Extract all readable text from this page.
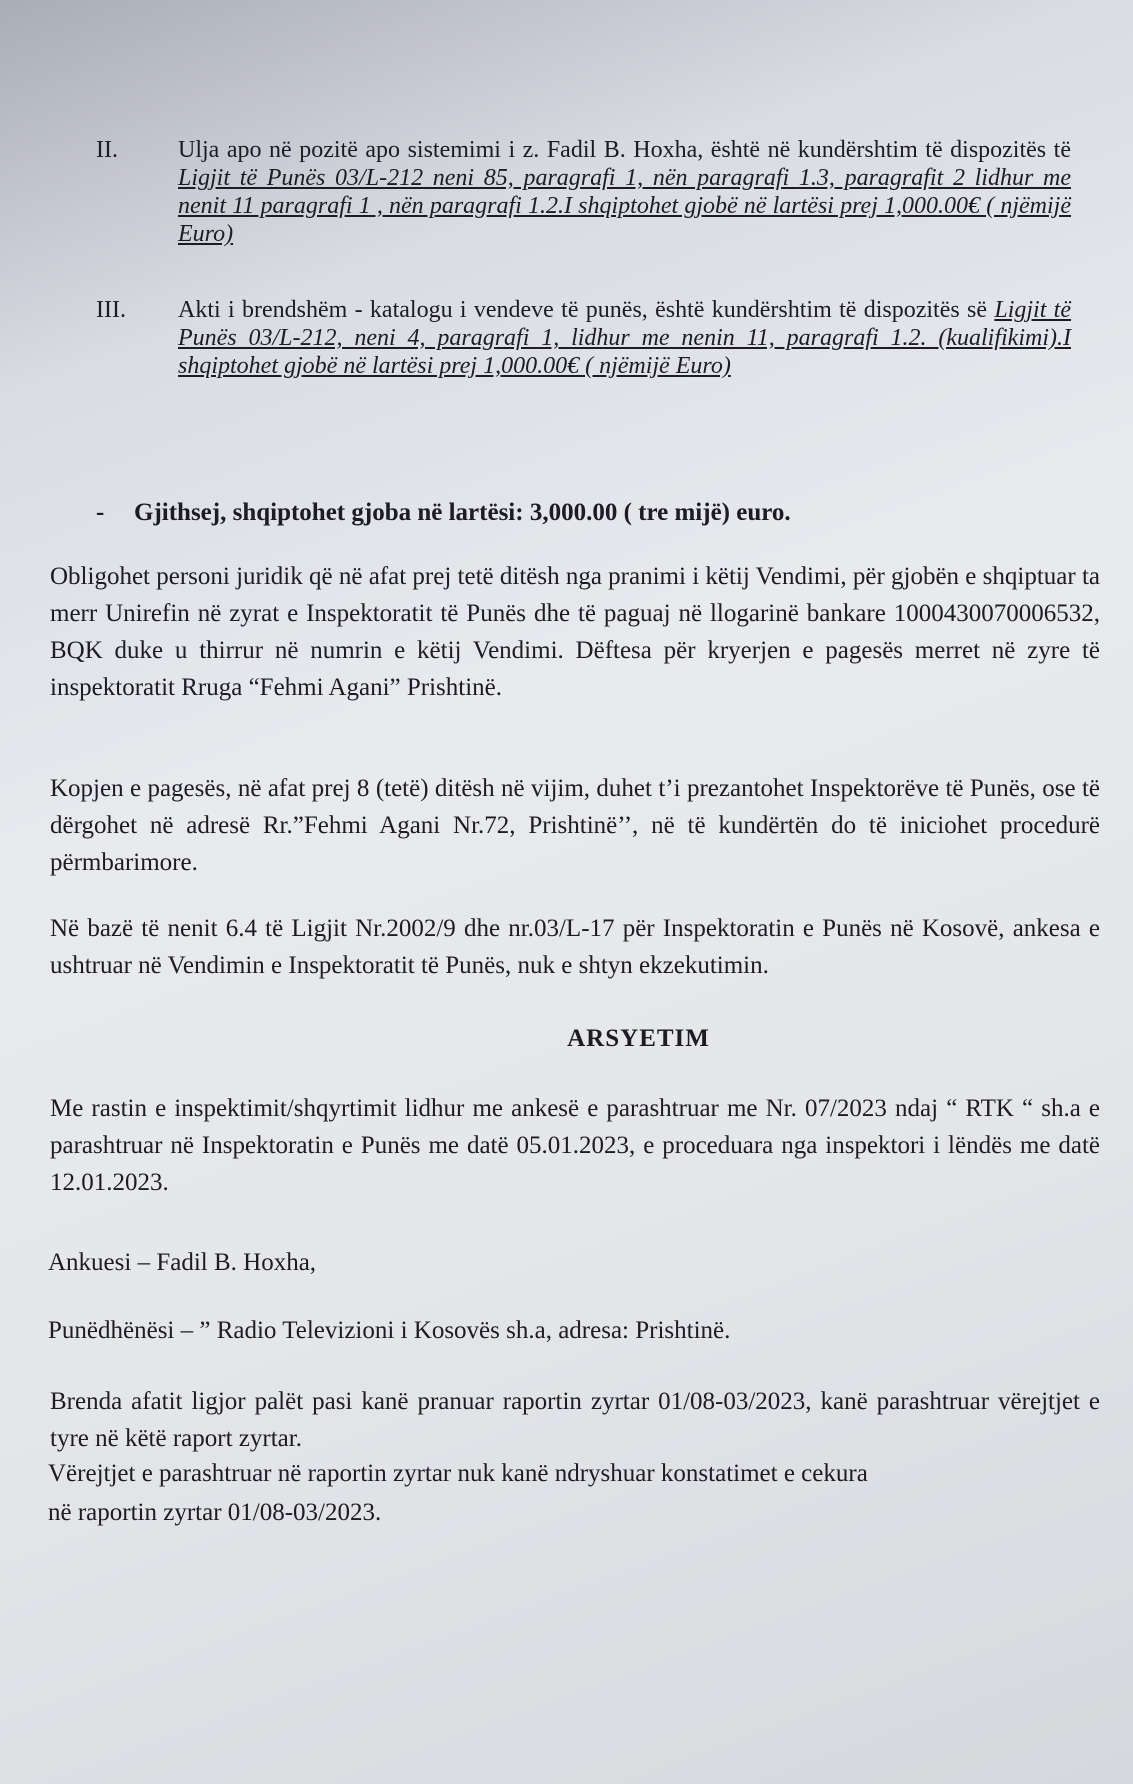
II.	Ulja apo në pozitë apo sistemimi i z. Fadil B. Hoxha, është në kundërshtim të dispozitës të Ligjit të Punës 03/L-212 neni 85, paragrafi 1, nën paragrafi 1.3, paragrafit 2 lidhur me nenit 11 paragrafi 1 , nën paragrafi 1.2.I shqiptohet gjobë në lartësi prej 1,000.00€ ( njëmijë Euro)
III.	Akti i brendshëm - katalogu i vendeve të punës, është kundërshtim të dispozitës së Ligjit të Punës 03/L-212, neni 4, paragrafi 1, lidhur me nenin 11, paragrafi 1.2. (kualifikimi).I shqiptohet gjobë në lartësi prej 1,000.00€ ( njëmijë Euro)
- Gjithsej, shqiptohet gjoba në lartësi: 3,000.00 ( tre mijë) euro.
Obligohet personi juridik që në afat prej tetë ditësh nga pranimi i këtij Vendimi, për gjobën e shqiptuar ta merr Unirefin në zyrat e Inspektoratit të Punës dhe të paguaj në llogarinë bankare 1000430070006532, BQK duke u thirrur në numrin e këtij Vendimi. Dëftesa për kryerjen e pagesës merret në zyre të inspektoratit Rruga “Fehmi Agani” Prishtinë.
Kopjen e pagesës, në afat prej 8 (tetë) ditësh në vijim, duhet t’i prezantohet Inspektorëve të Punës, ose të dërgohet në adresë Rr.”Fehmi Agani Nr.72, Prishtinë’’, në të kundërtën do të iniciohet procedurë përmbarimore.
Në bazë të nenit 6.4 të Ligjit Nr.2002/9 dhe nr.03/L-17 për Inspektoratin e Punës në Kosovë, ankesa e ushtruar në Vendimin e Inspektoratit të Punës, nuk e shtyn ekzekutimin.
ARSYETIM
Me rastin e inspektimit/shqyrtimit lidhur me ankesë e parashtruar me Nr. 07/2023 ndaj “ RTK “ sh.a e parashtruar në Inspektoratin e Punës me datë 05.01.2023, e proceduara nga inspektori i lëndës me datë 12.01.2023.
Ankuesi – Fadil B. Hoxha,
Punëdhënësi – ” Radio Televizioni i Kosovës sh.a, adresa: Prishtinë.
Brenda afatit ligjor palët pasi kanë pranuar raportin zyrtar 01/08-03/2023, kanë parashtruar vërejtjet e tyre në këtë raport zyrtar.
Vërejtjet e parashtruar në raportin zyrtar nuk kanë ndryshuar konstatimet e cekura
në raportin zyrtar 01/08-03/2023.
